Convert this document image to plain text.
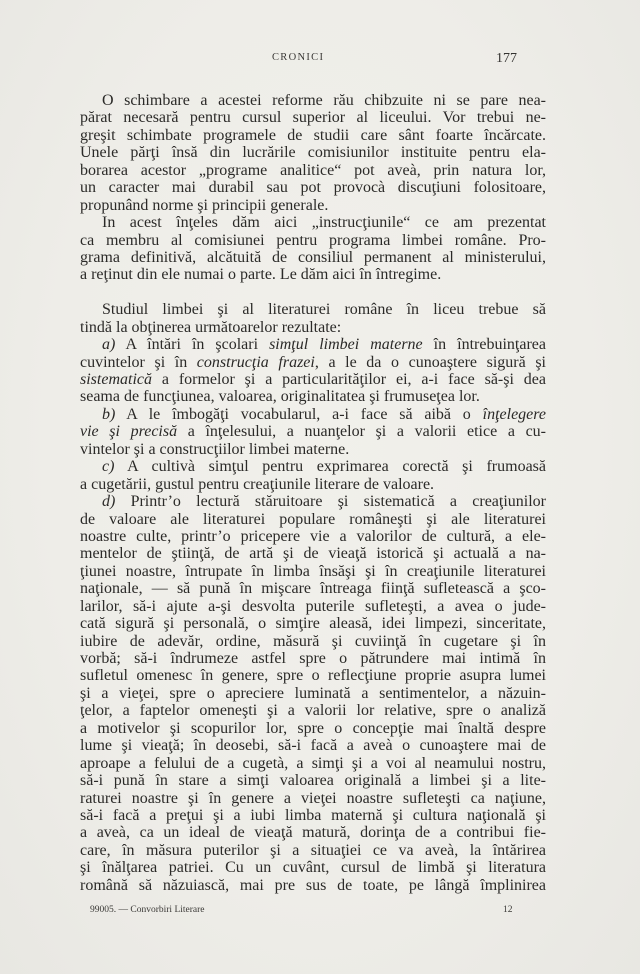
CRONICI	177
O schimbare a acestei reforme rău chibzuite ni se pare nea-
părat necesară pentru cursul superior al liceului. Vor trebui ne-
greşit schimbate programele de studii care sânt foarte încărcate.
Unele părţi însă din lucrările comisiunilor instituite pentru ela-
borarea acestor „programe analitice“ pot aveà, prin natura lor,
un caracter mai durabil sau pot provocà discuţiuni folositoare,
propunând norme şi principii generale.
In acest înţeles dăm aici „instrucţiunile“ ce am prezentat
ca membru al comisiunei pentru programa limbei române. Pro-
grama definitivă, alcătuită de consiliul permanent al ministerului,
a reţinut din ele numai o parte. Le dăm aici în întregime.
Studiul limbei şi al literaturei române în liceu trebue să
tindă la obţinerea următoarelor rezultate:
a) A întări în şcolari simţul limbei materne în întrebuinţarea
cuvintelor şi în construcţia frazei, a le da o cunoaştere sigură şi
sistematică a formelor şi a particularităţilor ei, a-i face să-şi dea
seama de funcţiunea, valoarea, originalitatea şi frumuseţea lor.
b) A le îmbogăţi vocabularul, a-i face să aibă o înţelegere
vie şi precisă a înţelesului, a nuanţelor şi a valorii etice a cu-
vintelor şi a construcţiilor limbei materne.
c) A cultivà simţul pentru exprimarea corectă şi frumoasă
a cugetării, gustul pentru creaţiunile literare de valoare.
d) Printr’o lectură stăruitoare şi sistematică a creaţiunilor
de valoare ale literaturei populare româneşti şi ale literaturei
noastre culte, printr’o pricepere vie a valorilor de cultură, a ele-
mentelor de ştiinţă, de artă şi de vieaţă istorică şi actuală a na-
ţiunei noastre, întrupate în limba însăşi şi în creaţiunile literaturei
naţionale, — să pună în mişcare întreaga fiinţă sufletească a şco-
larilor, să-i ajute a-şi desvolta puterile sufleteşti, a avea o jude-
cată sigură şi personală, o simţire aleasă, idei limpezi, sinceritate,
iubire de adevăr, ordine, măsură şi cuviinţă în cugetare şi în
vorbă; să-i îndrumeze astfel spre o pătrundere mai intimă în
sufletul omenesc în genere, spre o reflecţiune proprie asupra lumei
şi a vieţei, spre o apreciere luminată a sentimentelor, a năzuin-
ţelor, a faptelor omeneşti şi a valorii lor relative, spre o analiză
a motivelor şi scopurilor lor, spre o concepţie mai înaltă despre
lume şi vieaţă; în deosebi, să-i facă a aveà o cunoaştere mai de
aproape a felului de a cugetà, a simţi şi a voi al neamului nostru,
să-i pună în stare a simţi valoarea originală a limbei şi a lite-
raturei noastre şi în genere a vieţei noastre sufleteşti ca naţiune,
să-i facă a preţui şi a iubi limba maternă şi cultura naţională şi
a aveà, ca un ideal de vieaţă matură, dorinţa de a contribui fie-
care, în măsura puterilor şi a situaţiei ce va aveà, la întărirea
şi înălţarea patriei. Cu un cuvânt, cursul de limbă şi literatura
română să năzuiască, mai pre sus de toate, pe lângă împlinirea
99005. — Convorbiri Literare	12
